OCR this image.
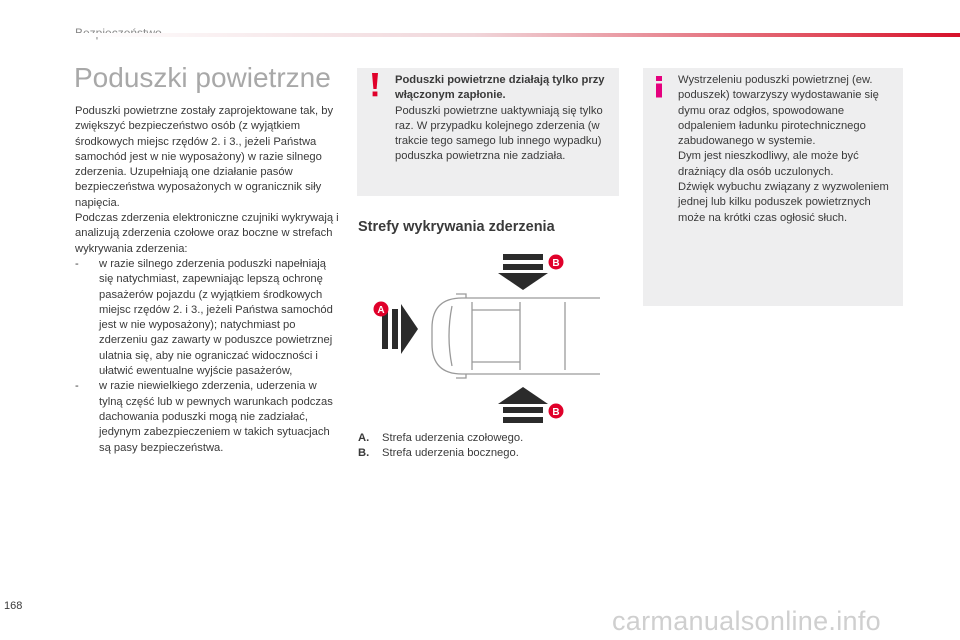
Poduszki powietrzne

Poduszki powietrzne zostały zaprojektowane tak, by zwiększyć bezpieczeństwo osób (z wyjątkiem środkowych miejsc rzędów 2. i 3., jeżeli Państwa samochód jest w nie wyposażony) w razie silnego zderzenia. Uzupełniają one działanie pasów bezpieczeństwa wyposażonych w ogranicznik siły napięcia.

Podczas zderzenia elektroniczne czujniki wykrywają i analizują zderzenia czołowe oraz boczne w strefach wykrywania zderzenia:

-	w razie silnego zderzenia poduszki napełniają się natychmiast, zapewniając lepszą ochronę pasażerów pojazdu (z wyjątkiem środkowych miejsc rzędów 2. i 3., jeżeli Państwa samochód jest w nie wyposażony); natychmiast po zderzeniu gaz zawarty w poduszce powietrznej ulatnia się, aby nie ograniczać widoczności i ułatwić ewentualne wyjście pasażerów,
-	w razie niewielkiego zderzenia, uderzenia w tylną część lub w pewnych warunkach podczas dachowania poduszki mogą nie zadziałać, jedynym zabezpieczeniem w takich sytuacjach są pasy bezpieczeństwa.

Poduszki powietrzne działają tylko przy włączonym zapłonie.

Poduszki powietrzne uaktywniają się tylko raz. W przypadku kolejnego zderzenia (w trakcie tego samego lub innego wypadku) poduszka powietrzna nie zadziała.

Wystrzeleniu poduszki powietrznej (ew. poduszek) towarzyszy wydostawanie się dymu oraz odgłos, spowodowane odpaleniem ładunku pirotechnicznego zabudowanego w systemie.

Dym jest nieszkodliwy, ale może być drażniący dla osób uczulonych.

Dźwięk wybuchu związany z wyzwoleniem jednej lub kilku poduszek powietrznych może na krótki czas ogłosić słuch.

Strefy wykrywania zderzenia
A
B
B
A.	Strefa uderzenia czołowego.
B.	Strefa uderzenia bocznego.
168	carmanualsonline.info
